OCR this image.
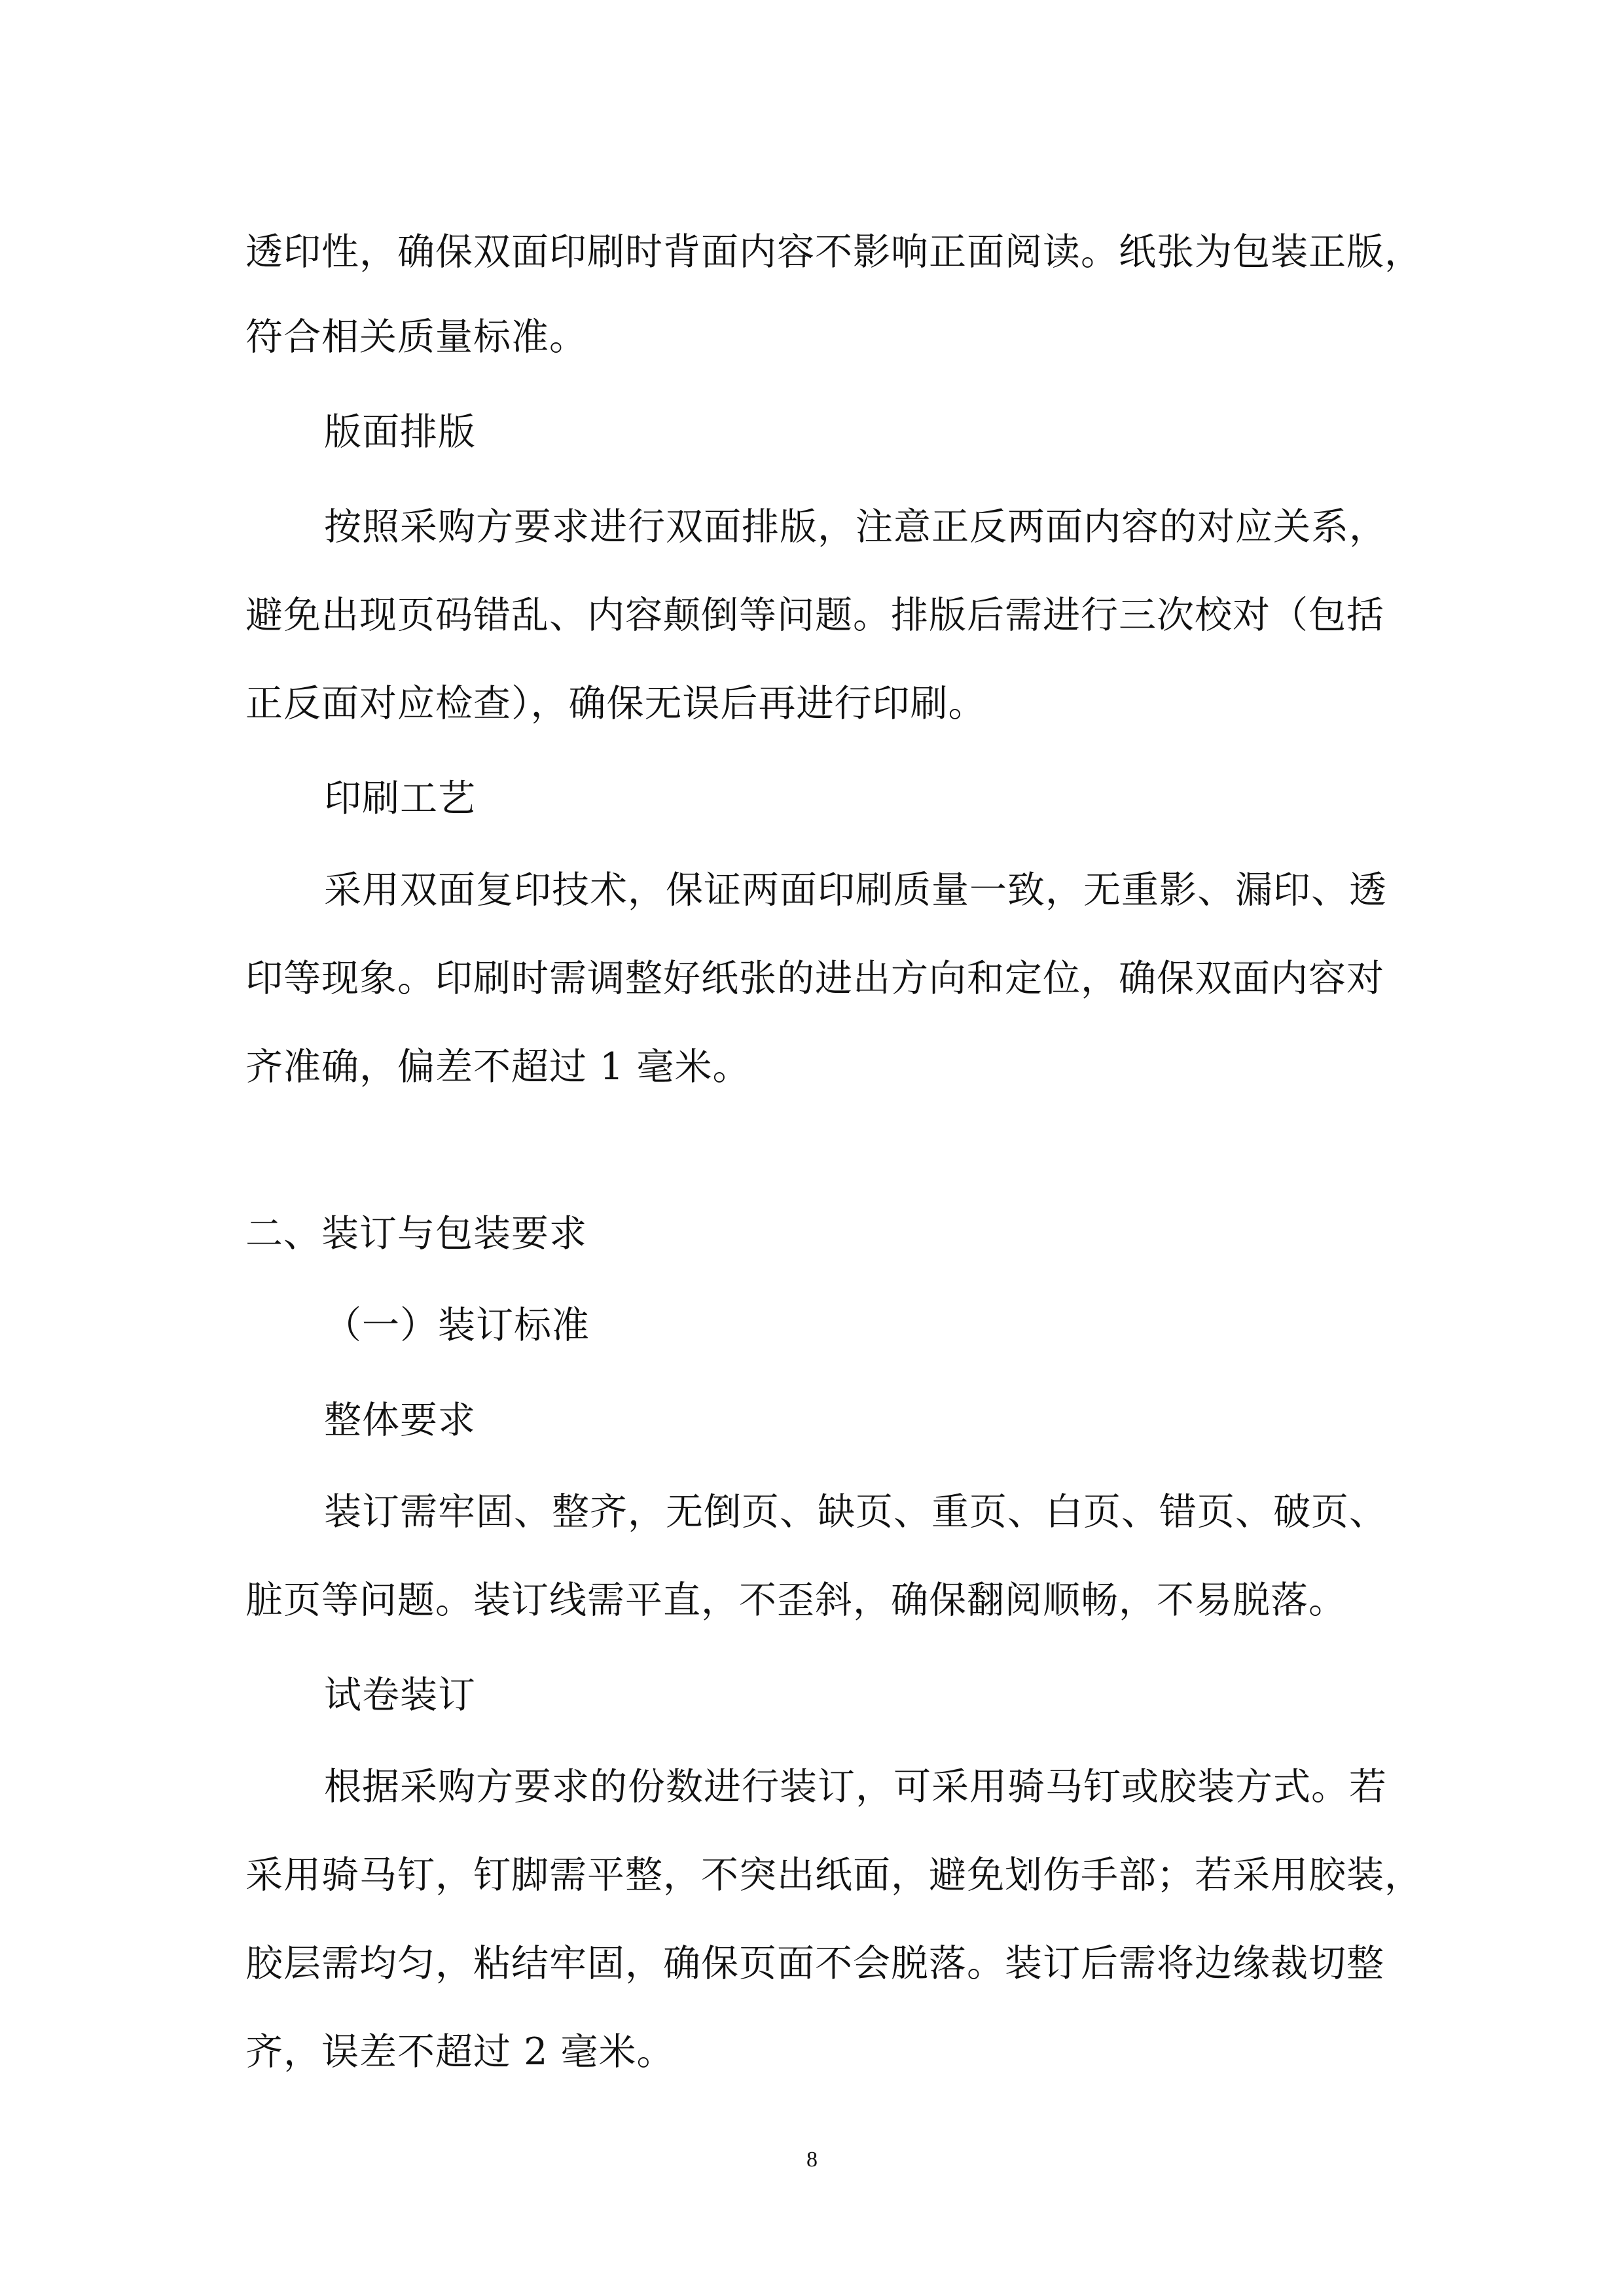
透印性，确保双面印刷时背面内容不影响正面阅读。纸张为包装正版，
符合相关质量标准。
版面排版
按照采购方要求进行双面排版，注意正反两面内容的对应关系，
避免出现页码错乱、内容颠倒等问题。排版后需进行三次校对（包括
正反面对应检查），确保无误后再进行印刷。
印刷工艺
采用双面复印技术，保证两面印刷质量一致，无重影、漏印、透
印等现象。印刷时需调整好纸张的进出方向和定位，确保双面内容对
齐准确，偏差不超过 1 毫米。
二、装订与包装要求
（一）装订标准
整体要求
装订需牢固、整齐，无倒页、缺页、重页、白页、错页、破页、
脏页等问题。装订线需平直，不歪斜，确保翻阅顺畅，不易脱落。
试卷装订
根据采购方要求的份数进行装订，可采用骑马钉或胶装方式。若
采用骑马钉，钉脚需平整，不突出纸面，避免划伤手部；若采用胶装，
胶层需均匀，粘结牢固，确保页面不会脱落。装订后需将边缘裁切整
齐，误差不超过 2 毫米。
8
